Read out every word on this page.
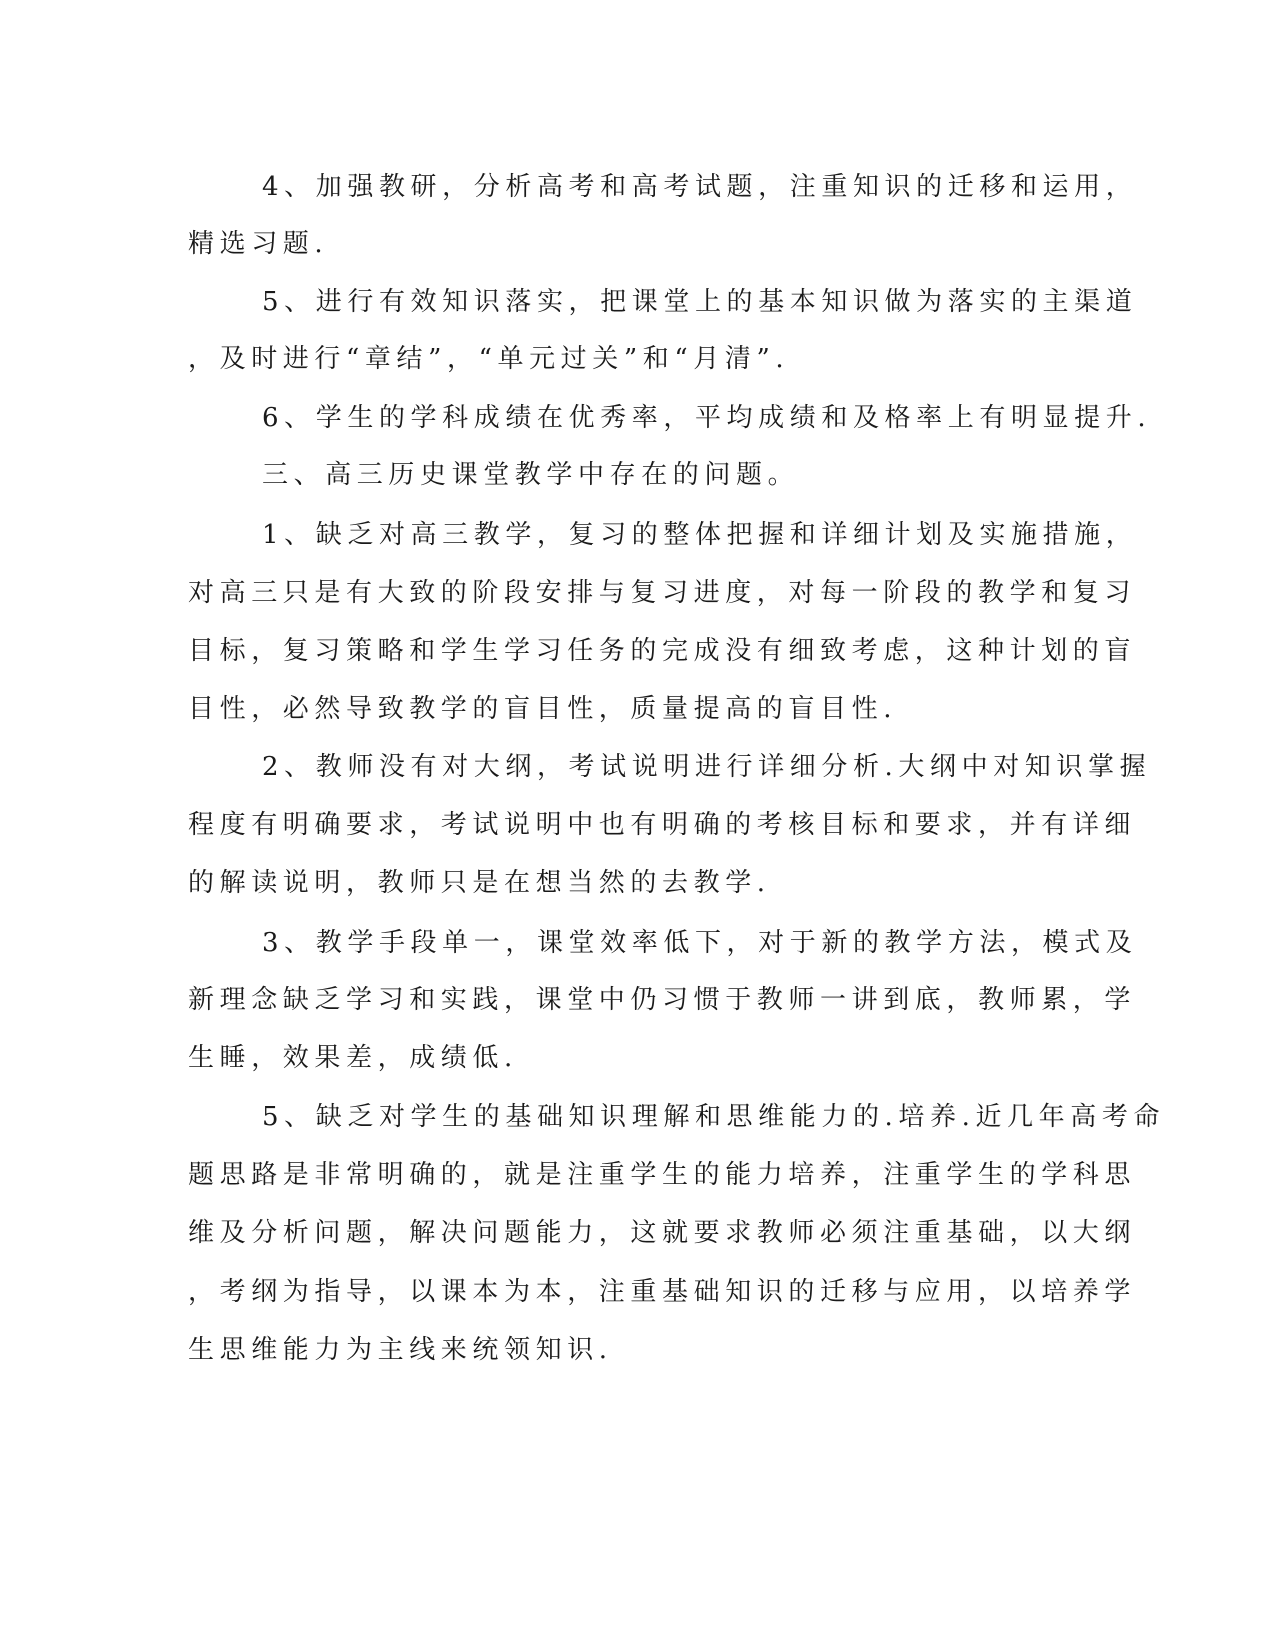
4、加强教研，分析高考和高考试题，注重知识的迁移和运用，
精选习题.
5、进行有效知识落实，把课堂上的基本知识做为落实的主渠道
，及时进行“章结”，“单元过关”和“月清”.
6、学生的学科成绩在优秀率，平均成绩和及格率上有明显提升.
三、高三历史课堂教学中存在的问题。
1、缺乏对高三教学，复习的整体把握和详细计划及实施措施，
对高三只是有大致的阶段安排与复习进度，对每一阶段的教学和复习
目标，复习策略和学生学习任务的完成没有细致考虑，这种计划的盲
目性，必然导致教学的盲目性，质量提高的盲目性.
2、教师没有对大纲，考试说明进行详细分析.大纲中对知识掌握
程度有明确要求，考试说明中也有明确的考核目标和要求，并有详细
的解读说明，教师只是在想当然的去教学.
3、教学手段单一，课堂效率低下，对于新的教学方法，模式及
新理念缺乏学习和实践，课堂中仍习惯于教师一讲到底，教师累，学
生睡，效果差，成绩低.
5、缺乏对学生的基础知识理解和思维能力的.培养.近几年高考命
题思路是非常明确的，就是注重学生的能力培养，注重学生的学科思
维及分析问题，解决问题能力，这就要求教师必须注重基础，以大纲
，考纲为指导，以课本为本，注重基础知识的迁移与应用，以培养学
生思维能力为主线来统领知识.
